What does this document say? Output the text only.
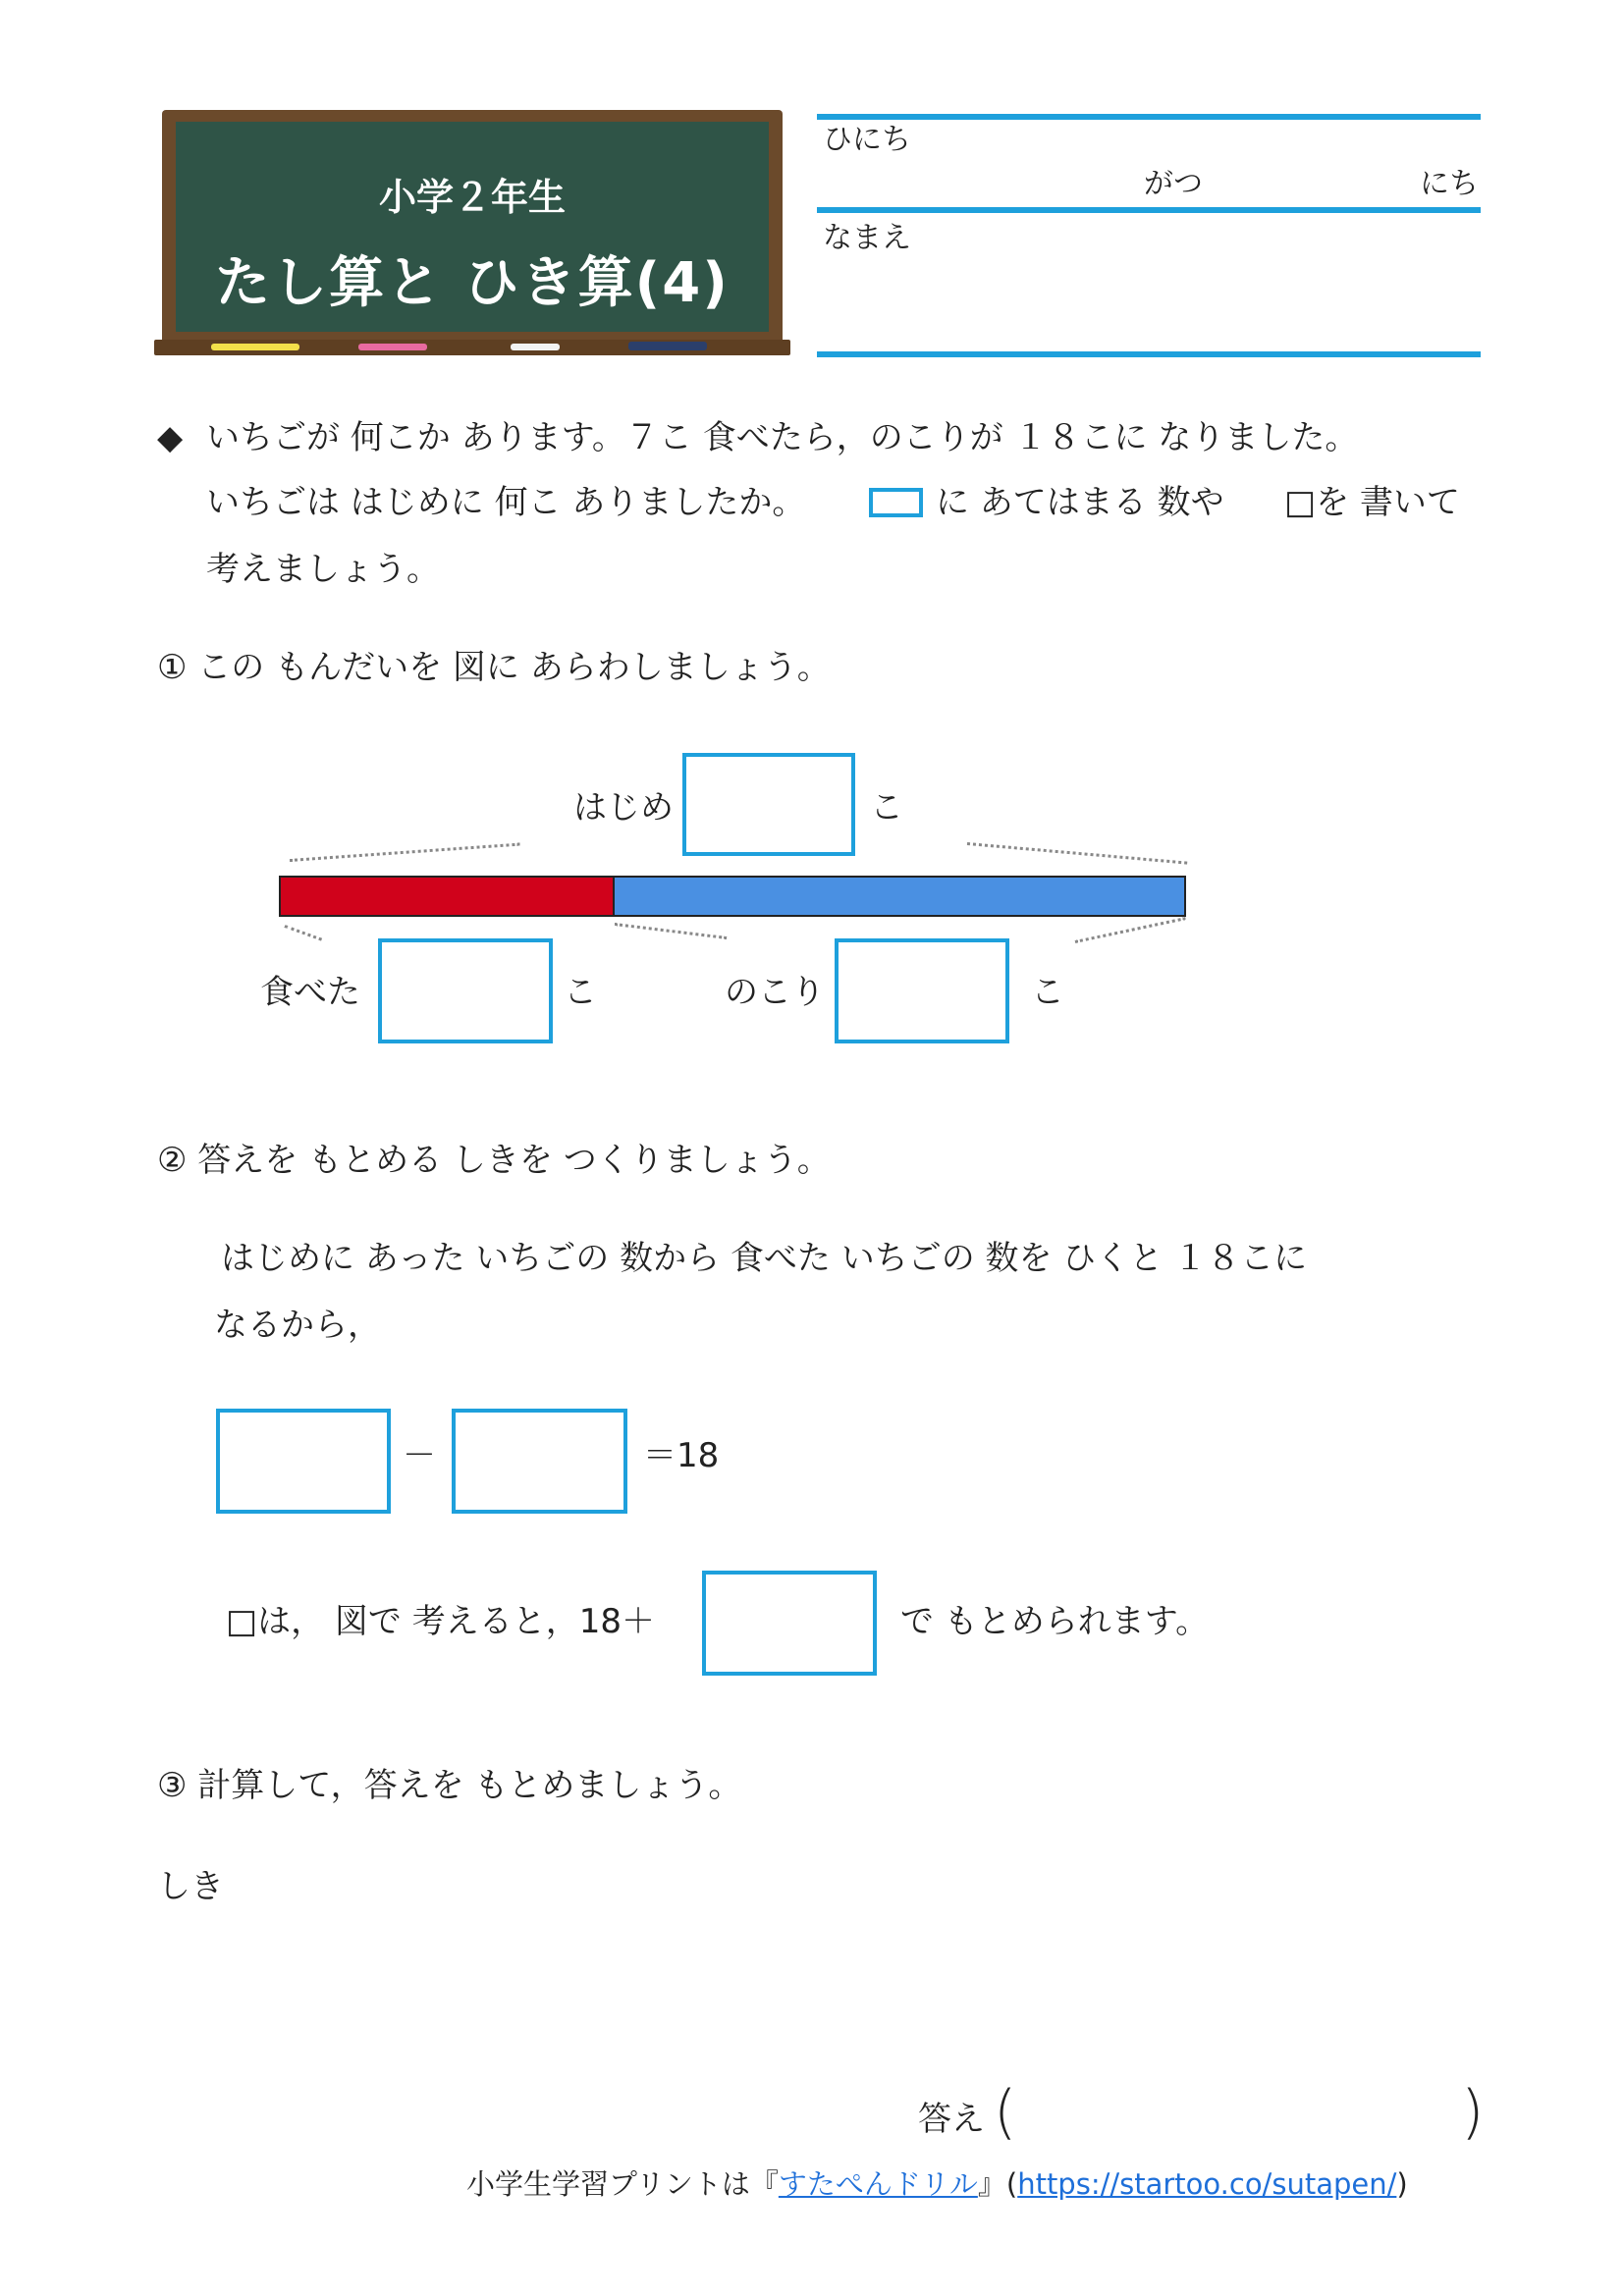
小学２年生
たし算と ひき算(4)
ひにち
がつ	にち
なまえ
◆ いちごが 何こか あります。７こ 食べたら，のこりが １８こに なりました。
いちごは はじめに 何こ ありましたか。	に あてはまる 数や □を 書いて
考えましょう。
① この もんだいを 図に あらわしましょう。
はじめ	こ
食べた	こ	のこり	こ
② 答えを もとめる しきを つくりましょう。
はじめに あった いちごの 数から 食べた いちごの 数を ひくと １８こに
なるから，
－	＝18
□は， 図で 考えると，18＋	で もとめられます。
③ 計算して，答えを もとめましょう。
しき
答え (	)
小学生学習プリントは『すたぺんドリル』(https://startoo.co/sutapen/)
